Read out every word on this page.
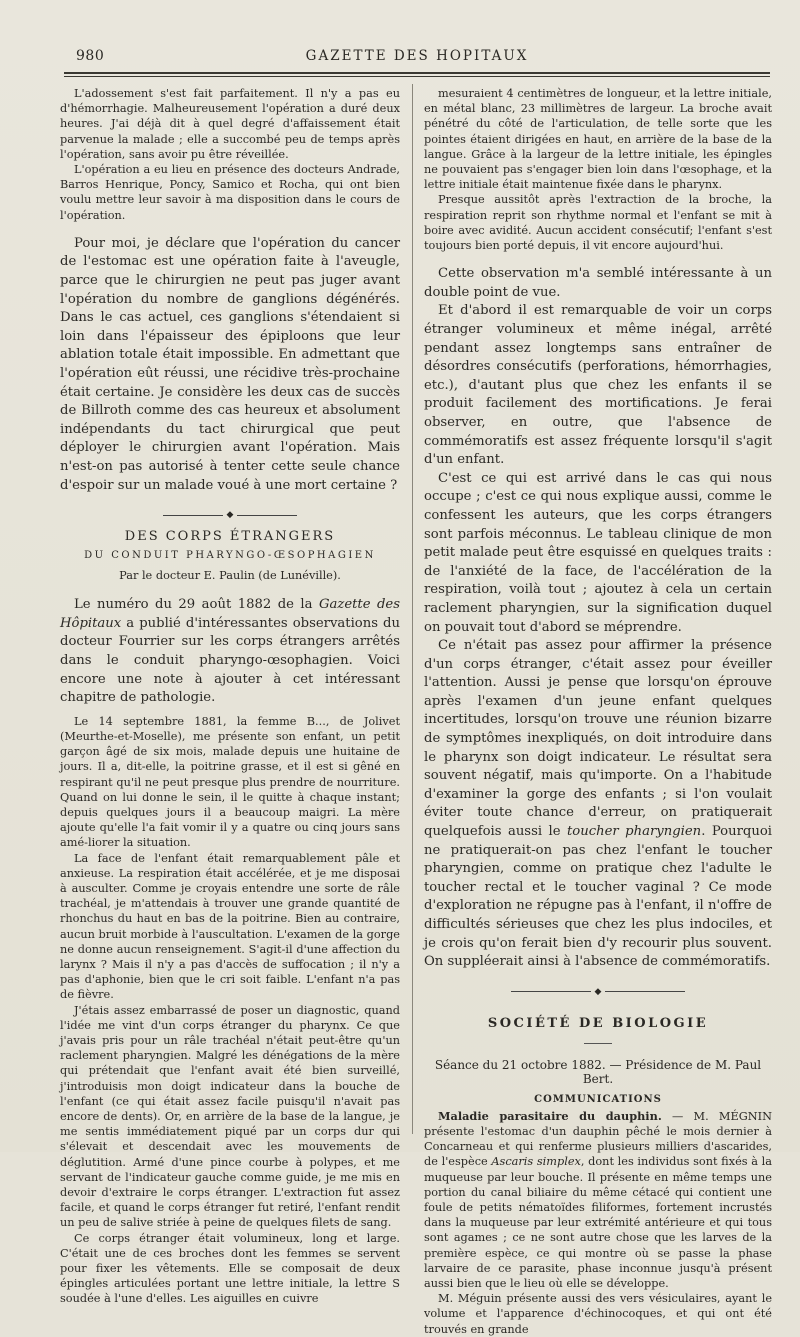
980	GAZETTE DES HOPITAUX

L'adossement s'est fait parfaitement. Il n'y a pas eu d'hémorrhagie. Malheureusement l'opération a duré deux heures. J'ai déjà dit à quel degré d'affaissement était parvenue la malade ; elle a succombé peu de temps après l'opération, sans avoir pu être réveillée.

L'opération a eu lieu en présence des docteurs Andrade, Barros Henrique, Poncy, Samico et Rocha, qui ont bien voulu mettre leur savoir à ma disposition dans le cours de l'opération.

Pour moi, je déclare que l'opération du cancer de l'estomac est une opération faite à l'aveugle, parce que le chirurgien ne peut pas juger avant l'opération du nombre de ganglions dégénérés. Dans le cas actuel, ces ganglions s'étendaient si loin dans l'épaisseur des épiploons que leur ablation totale était impossible. En admettant que l'opération eût réussi, une récidive très-prochaine était certaine. Je considère les deux cas de succès de Billroth comme des cas heureux et absolument indépendants du tact chirurgical que peut déployer le chirurgien avant l'opération. Mais n'est-on pas autorisé à tenter cette seule chance d'espoir sur un malade voué à une mort certaine ?

◆
DES CORPS ÉTRANGERS
DU CONDUIT PHARYNGO-ŒSOPHAGIEN
Par le docteur E. Paulin (de Lunéville).

Le numéro du 29 août 1882 de la Gazette des Hôpitaux a publié d'intéressantes observations du docteur Fourrier sur les corps étrangers arrêtés dans le conduit pharyngo-œsophagien. Voici encore une note à ajouter à cet intéressant chapitre de pathologie.

Le 14 septembre 1881, la femme B..., de Jolivet (Meurthe-et-Moselle), me présente son enfant, un petit garçon âgé de six mois, malade depuis une huitaine de jours. Il a, dit-elle, la poitrine grasse, et il est si gêné en respirant qu'il ne peut presque plus prendre de nourriture. Quand on lui donne le sein, il le quitte à chaque instant; depuis quelques jours il a beaucoup maigri. La mère ajoute qu'elle l'a fait vomir il y a quatre ou cinq jours sans amé-liorer la situation.

La face de l'enfant était remarquablement pâle et anxieuse. La respiration était accélérée, et je me disposai à ausculter. Comme je croyais entendre une sorte de râle trachéal, je m'attendais à trouver une grande quantité de rhonchus du haut en bas de la poitrine. Bien au contraire, aucun bruit morbide à l'auscultation. L'examen de la gorge ne donne aucun renseignement. S'agit-il d'une affection du larynx ? Mais il n'y a pas d'accès de suffocation ; il n'y a pas d'aphonie, bien que le cri soit faible. L'enfant n'a pas de fièvre.

J'étais assez embarrassé de poser un diagnostic, quand l'idée me vint d'un corps étranger du pharynx. Ce que j'avais pris pour un râle trachéal n'était peut-être qu'un raclement pharyngien. Malgré les dénégations de la mère qui prétendait que l'enfant avait été bien surveillé, j'introduisis mon doigt indicateur dans la bouche de l'enfant (ce qui était assez facile puisqu'il n'avait pas encore de dents). Or, en arrière de la base de la langue, je me sentis immédiatement piqué par un corps dur qui s'élevait et descendait avec les mouvements de déglutition. Armé d'une pince courbe à polypes, et me servant de l'indicateur gauche comme guide, je me mis en devoir d'extraire le corps étranger. L'extraction fut assez facile, et quand le corps étranger fut retiré, l'enfant rendit un peu de salive striée à peine de quelques filets de sang.

Ce corps étranger était volumineux, long et large. C'était une de ces broches dont les femmes se servent pour fixer les vêtements. Elle se composait de deux épingles articulées portant une lettre initiale, la lettre S soudée à l'une d'elles. Les aiguilles en cuivre

mesuraient 4 centimètres de longueur, et la lettre initiale, en métal blanc, 23 millimètres de largeur. La broche avait pénétré du côté de l'articulation, de telle sorte que les pointes étaient dirigées en haut, en arrière de la base de la langue. Grâce à la largeur de la lettre initiale, les épingles ne pouvaient pas s'engager bien loin dans l'œsophage, et la lettre initiale était maintenue fixée dans le pharynx.

Presque aussitôt après l'extraction de la broche, la respiration reprit son rhythme normal et l'enfant se mit à boire avec avidité. Aucun accident consécutif; l'enfant s'est toujours bien porté depuis, il vit encore aujourd'hui.

Cette observation m'a semblé intéressante à un double point de vue.

Et d'abord il est remarquable de voir un corps étranger volumineux et même inégal, arrêté pendant assez longtemps sans entraîner de désordres consécutifs (perforations, hémorrhagies, etc.), d'autant plus que chez les enfants il se produit facilement des mortifications. Je ferai observer, en outre, que l'absence de commémoratifs est assez fréquente lorsqu'il s'agit d'un enfant.

C'est ce qui est arrivé dans le cas qui nous occupe ; c'est ce qui nous explique aussi, comme le confessent les auteurs, que les corps étrangers sont parfois méconnus. Le tableau clinique de mon petit malade peut être esquissé en quelques traits : de l'anxiété de la face, de l'accélération de la respiration, voilà tout ; ajoutez à cela un certain raclement pharyngien, sur la signification duquel on pouvait tout d'abord se méprendre.

Ce n'était pas assez pour affirmer la présence d'un corps étranger, c'était assez pour éveiller l'attention. Aussi je pense que lorsqu'on éprouve après l'examen d'un jeune enfant quelques incertitudes, lorsqu'on trouve une réunion bizarre de symptômes inexpliqués, on doit introduire dans le pharynx son doigt indicateur. Le résultat sera souvent négatif, mais qu'importe. On a l'habitude d'examiner la gorge des enfants ; si l'on voulait éviter toute chance d'erreur, on pratiquerait quelquefois aussi le toucher pharyngien. Pourquoi ne pratiquerait-on pas chez l'enfant le toucher pharyngien, comme on pratique chez l'adulte le toucher rectal et le toucher vaginal ? Ce mode d'exploration ne répugne pas à l'enfant, il n'offre de difficultés sérieuses que chez les plus indociles, et je crois qu'on ferait bien d'y recourir plus souvent. On suppléerait ainsi à l'absence de commémoratifs.

◆
SOCIÉTÉ DE BIOLOGIE
Séance du 21 octobre 1882. — Présidence de M. Paul Bert.
COMMUNICATIONS

Maladie parasitaire du dauphin. — M. MÉGNIN présente l'estomac d'un dauphin pêché le mois dernier à Concarneau et qui renferme plusieurs milliers d'ascarides, de l'espèce Ascaris simplex, dont les individus sont fixés à la muqueuse par leur bouche. Il présente en même temps une portion du canal biliaire du même cétacé qui contient une foule de petits nématoïdes filiformes, fortement incrustés dans la muqueuse par leur extrémité antérieure et qui tous sont agames ; ce ne sont autre chose que les larves de la première espèce, ce qui montre où se passe la phase larvaire de ce parasite, phase inconnue jusqu'à présent aussi bien que le lieu où elle se développe.

M. Méguin présente aussi des vers vésiculaires, ayant le volume et l'apparence d'échinocoques, et qui ont été trouvés en grande
